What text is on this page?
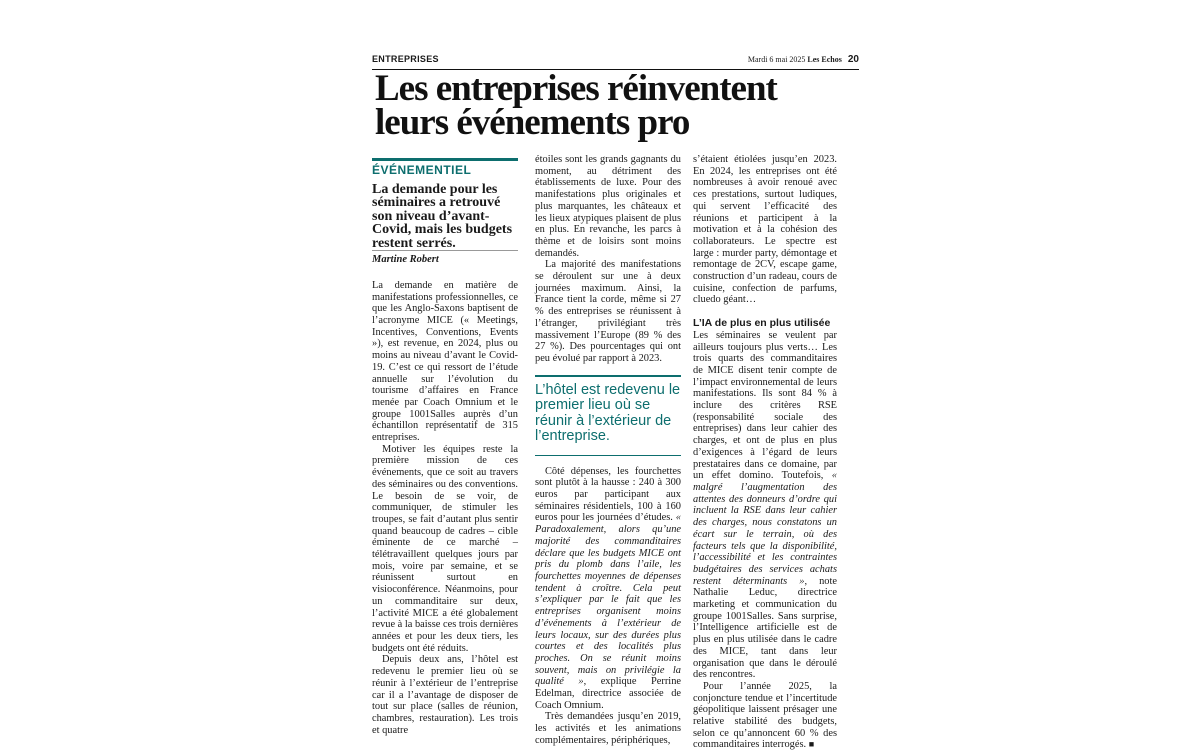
ENTREPRISES	Mardi 6 mai 2025 Les Echos 20
Les entreprises réinventent leurs événements pro
ÉVÉNEMENTIEL

La demande pour les séminaires a retrouvé son niveau d’avant-Covid, mais les budgets restent serrés.

Martine Robert

La demande en matière de manifestations professionnelles, ce que les Anglo-Saxons baptisent de l’acronyme MICE (« Meetings, Incentives, Conventions, Events »), est revenue, en 2024, plus ou moins au niveau d’avant le Covid-19. C’est ce qui ressort de l’étude annuelle sur l’évolution du tourisme d’affaires en France menée par Coach Omnium et le groupe 1001Salles auprès d’un échantillon représentatif de 315 entreprises.

Motiver les équipes reste la première mission de ces événements, que ce soit au travers des séminaires ou des conventions. Le besoin de se voir, de communiquer, de stimuler les troupes, se fait d’autant plus sentir quand beaucoup de cadres – cible éminente de ce marché – télétravaillent quelques jours par mois, voire par semaine, et se réunissent surtout en visioconférence. Néanmoins, pour un commanditaire sur deux, l’activité MICE a été globalement revue à la baisse ces trois dernières années et pour les deux tiers, les budgets ont été réduits.

Depuis deux ans, l’hôtel est redevenu le premier lieu où se réunir à l’extérieur de l’entreprise car il a l’avantage de disposer de tout sur place (salles de réunion, chambres, restauration). Les trois et quatre

étoiles sont les grands gagnants du moment, au détriment des établissements de luxe. Pour des manifestations plus originales et plus marquantes, les châteaux et les lieux atypiques plaisent de plus en plus. En revanche, les parcs à thème et de loisirs sont moins demandés.

La majorité des manifestations se déroulent sur une à deux journées maximum. Ainsi, la France tient la corde, même si 27 % des entreprises se réunissent à l’étranger, privilégiant très massivement l’Europe (89 % des 27 %). Des pourcentages qui ont peu évolué par rapport à 2023.

L’hôtel est redevenu le premier lieu où se réunir à l’extérieur de l’entreprise.

Côté dépenses, les fourchettes sont plutôt à la hausse : 240 à 300 euros par participant aux séminaires résidentiels, 100 à 160 euros pour les journées d’études. « Paradoxalement, alors qu’une majorité des commanditaires déclare que les budgets MICE ont pris du plomb dans l’aile, les fourchettes moyennes de dépenses tendent à croître. Cela peut s’expliquer par le fait que les entreprises organisent moins d’événements à l’extérieur de leurs locaux, sur des durées plus courtes et des localités plus proches. On se réunit moins souvent, mais on privilégie la qualité », explique Perrine Edelman, directrice associée de Coach Omnium.

Très demandées jusqu’en 2019, les activités et les animations complémentaires, périphériques,

s’étaient étiolées jusqu’en 2023. En 2024, les entreprises ont été nombreuses à avoir renoué avec ces prestations, surtout ludiques, qui servent l’efficacité des réunions et participent à la motivation et à la cohésion des collaborateurs. Le spectre est large : murder party, démontage et remontage de 2CV, escape game, construction d’un radeau, cours de cuisine, confection de parfums, cluedo géant…

L’IA de plus en plus utilisée

Les séminaires se veulent par ailleurs toujours plus verts… Les trois quarts des commanditaires de MICE disent tenir compte de l’impact environnemental de leurs manifestations. Ils sont 84 % à inclure des critères RSE (responsabilité sociale des entreprises) dans leur cahier des charges, et ont de plus en plus d’exigences à l’égard de leurs prestataires dans ce domaine, par un effet domino. Toutefois, « malgré l’augmentation des attentes des donneurs d’ordre qui incluent la RSE dans leur cahier des charges, nous constatons un écart sur le terrain, où des facteurs tels que la disponibilité, l’accessibilité et les contraintes budgétaires des services achats restent déterminants », note Nathalie Leduc, directrice marketing et communication du groupe 1001Salles. Sans surprise, l’Intelligence artificielle est de plus en plus utilisée dans le cadre des MICE, tant dans leur organisation que dans le déroulé des rencontres.

Pour l’année 2025, la conjoncture tendue et l’incertitude géopolitique laissent présager une relative stabilité des budgets, selon ce qu’annoncent 60 % des commanditaires interrogés. ■
